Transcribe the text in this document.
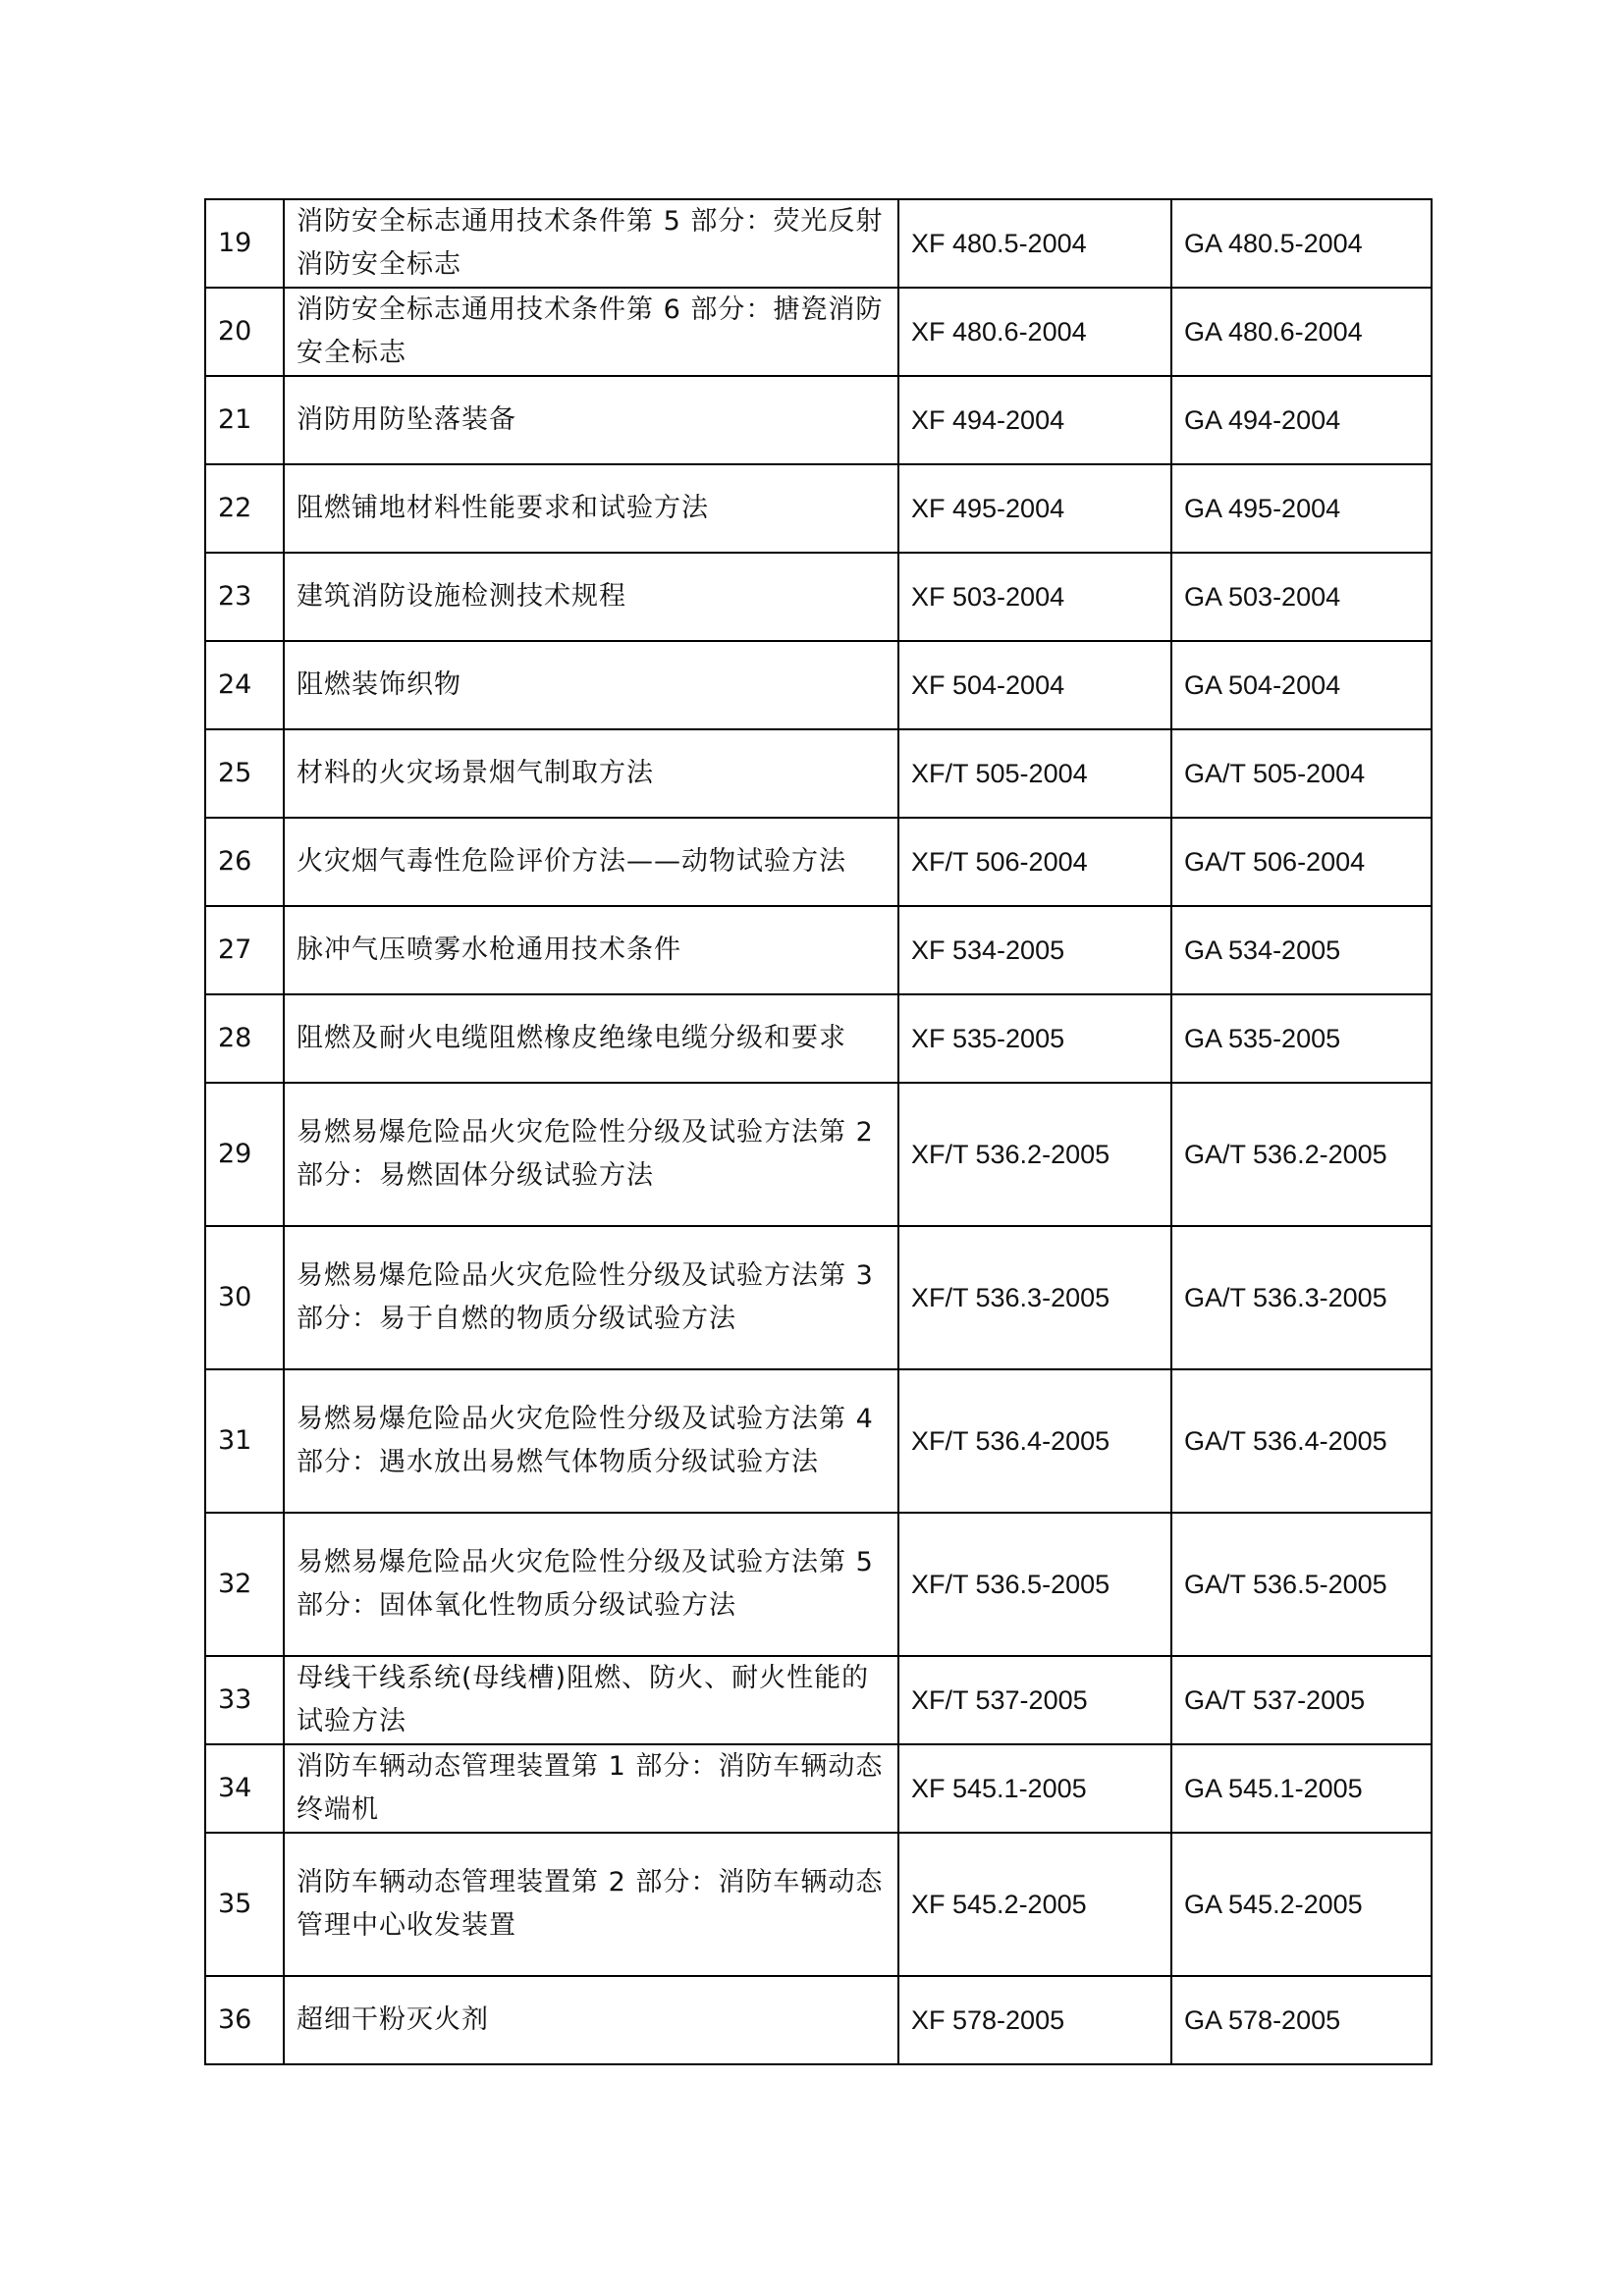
19	消防安全标志通用技术条件第 5 部分：荧光反射消防安全标志	XF 480.5-2004	GA 480.5-2004
20	消防安全标志通用技术条件第 6 部分：搪瓷消防安全标志	XF 480.6-2004	GA 480.6-2004
21	消防用防坠落装备	XF 494-2004	GA 494-2004
22	阻燃铺地材料性能要求和试验方法	XF 495-2004	GA 495-2004
23	建筑消防设施检测技术规程	XF 503-2004	GA 503-2004
24	阻燃装饰织物	XF 504-2004	GA 504-2004
25	材料的火灾场景烟气制取方法	XF/T 505-2004	GA/T 505-2004
26	火灾烟气毒性危险评价方法——动物试验方法	XF/T 506-2004	GA/T 506-2004
27	脉冲气压喷雾水枪通用技术条件	XF 534-2005	GA 534-2005
28	阻燃及耐火电缆阻燃橡皮绝缘电缆分级和要求	XF 535-2005	GA 535-2005
29	易燃易爆危险品火灾危险性分级及试验方法第 2 部分：易燃固体分级试验方法	XF/T 536.2-2005	GA/T 536.2-2005
30	易燃易爆危险品火灾危险性分级及试验方法第 3 部分：易于自燃的物质分级试验方法	XF/T 536.3-2005	GA/T 536.3-2005
31	易燃易爆危险品火灾危险性分级及试验方法第 4 部分：遇水放出易燃气体物质分级试验方法	XF/T 536.4-2005	GA/T 536.4-2005
32	易燃易爆危险品火灾危险性分级及试验方法第 5 部分：固体氧化性物质分级试验方法	XF/T 536.5-2005	GA/T 536.5-2005
33	母线干线系统(母线槽)阻燃、防火、耐火性能的试验方法	XF/T 537-2005	GA/T 537-2005
34	消防车辆动态管理装置第 1 部分：消防车辆动态终端机	XF 545.1-2005	GA 545.1-2005
35	消防车辆动态管理装置第 2 部分：消防车辆动态管理中心收发装置	XF 545.2-2005	GA 545.2-2005
36	超细干粉灭火剂	XF 578-2005	GA 578-2005
